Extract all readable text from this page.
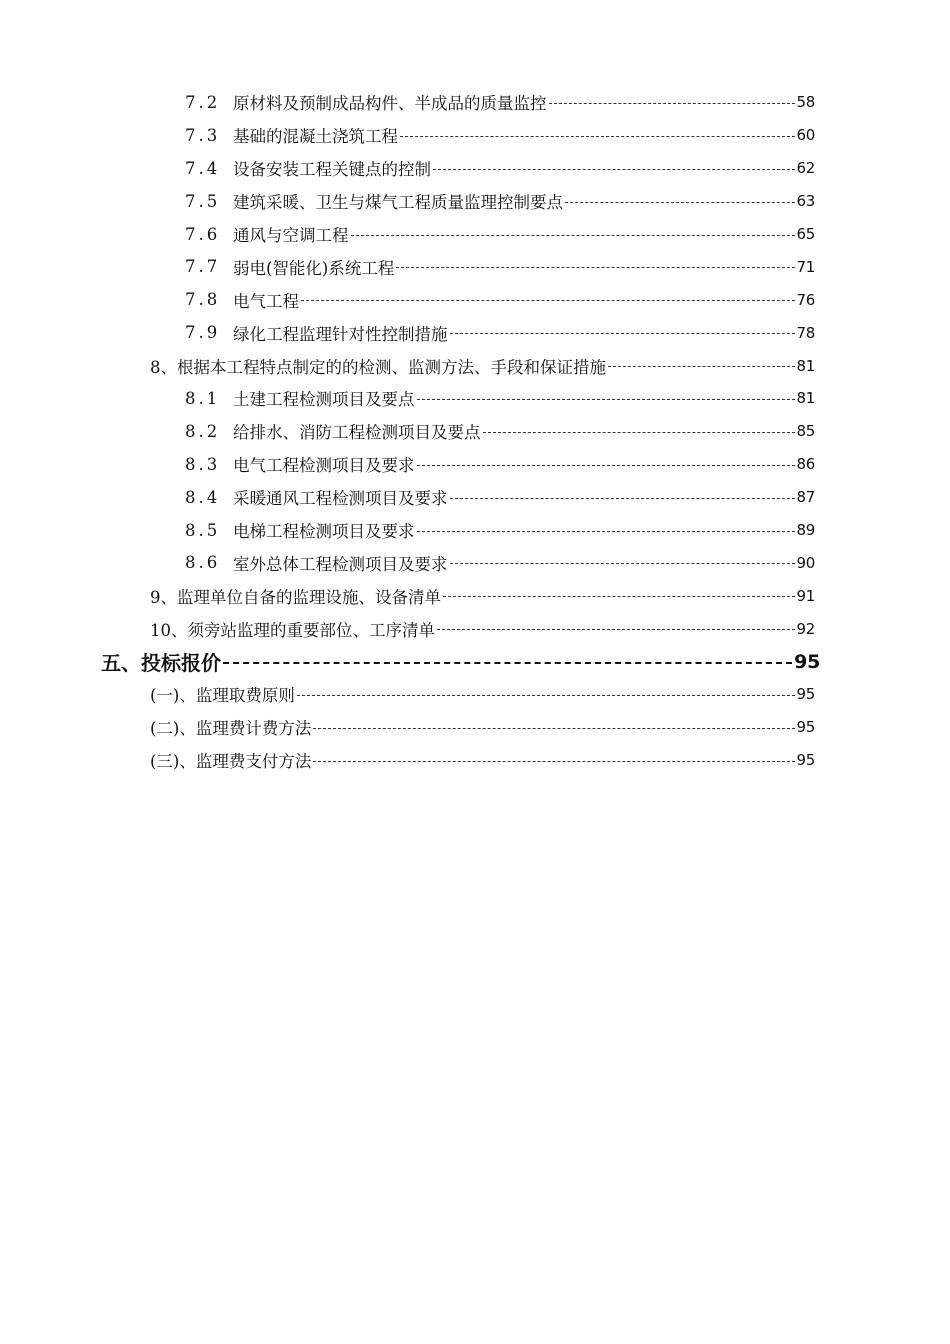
7.2 原材料及预制成品构件、半成品的质量监控	58
7.3 基础的混凝土浇筑工程	60
7.4 设备安装工程关键点的控制	62
7.5 建筑采暖、卫生与煤气工程质量监理控制要点	63
7.6 通风与空调工程	65
7.7 弱电(智能化)系统工程	71
7.8 电气工程	76
7.9 绿化工程监理针对性控制措施	78
8、根据本工程特点制定的的检测、监测方法、手段和保证措施	81
8.1 土建工程检测项目及要点	81
8.2 给排水、消防工程检测项目及要点	85
8.3 电气工程检测项目及要求	86
8.4 采暖通风工程检测项目及要求	87
8.5 电梯工程检测项目及要求	89
8.6 室外总体工程检测项目及要求	90
9、监理单位自备的监理设施、设备清单	91
10、须旁站监理的重要部位、工序清单	92
五、投标报价	95
(一)、监理取费原则	95
(二)、监理费计费方法	95
(三)、监理费支付方法	95
